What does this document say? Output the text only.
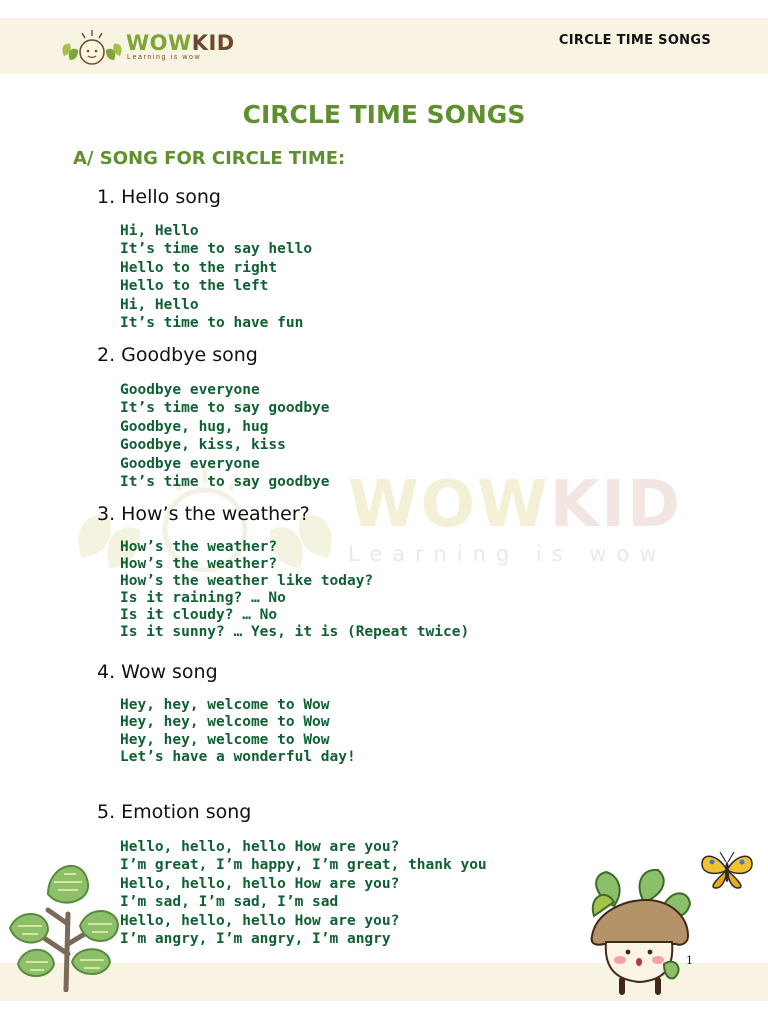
WOWKID
Learning is wow
CIRCLE TIME SONGS
WOWKID
Learning is wow
CIRCLE TIME SONGS
A/ SONG FOR CIRCLE TIME:
1. Hello song
Hi, Hello
It’s time to say hello
Hello to the right
Hello to the left
Hi, Hello
It’s time to have fun
2. Goodbye song
Goodbye everyone
It’s time to say goodbye
Goodbye, hug, hug
Goodbye, kiss, kiss
Goodbye everyone
It’s time to say goodbye
3. How’s the weather?
How’s the weather?
How’s the weather?
How’s the weather like today?
Is it raining? … No
Is it cloudy? … No
Is it sunny? … Yes, it is (Repeat twice)
4. Wow song
Hey, hey, welcome to Wow
Hey, hey, welcome to Wow
Hey, hey, welcome to Wow
Let’s have a wonderful day!
5. Emotion song
Hello, hello, hello How are you?
I’m great, I’m happy, I’m great, thank you
Hello, hello, hello How are you?
I’m sad, I’m sad, I’m sad
Hello, hello, hello How are you?
I’m angry, I’m angry, I’m angry
1
